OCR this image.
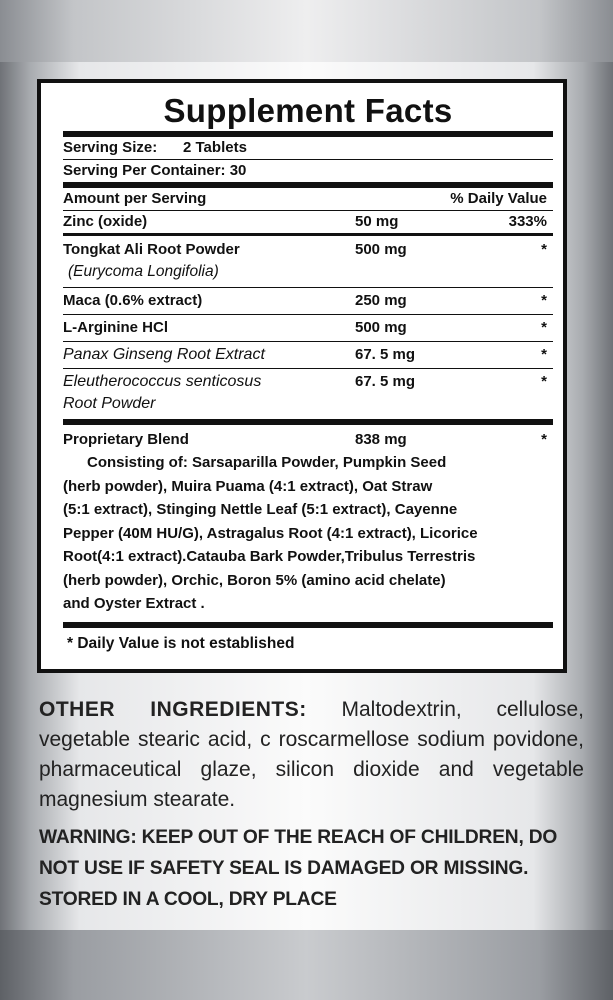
Supplement Facts
Serving Size: 2 Tablets
Serving Per Container: 30
Amount per Serving	% Daily Value
Zinc (oxide)	50 mg	333%
Tongkat Ali Root Powder	500 mg	*
(Eurycoma Longifolia)
Maca (0.6% extract)	250 mg	*
L-Arginine HCl	500 mg	*
Panax Ginseng Root Extract	67. 5 mg	*
Eleutherococcus senticosus	67. 5 mg	*
Root Powder
Proprietary Blend	838 mg	*
Consisting of: Sarsaparilla Powder, Pumpkin Seed
(herb powder), Muira Puama (4:1 extract), Oat Straw
(5:1 extract), Stinging Nettle Leaf (5:1 extract), Cayenne
Pepper (40M HU/G), Astragalus Root (4:1 extract), Licorice
Root(4:1 extract).Catauba Bark Powder,Tribulus Terrestris
(herb powder), Orchic, Boron 5% (amino acid chelate)
and Oyster Extract .
* Daily Value is not established
OTHER INGREDIENTS: Maltodextrin, cellulose, vegetable stearic acid, c roscarmellose sodium povidone, pharmaceutical glaze, silicon dioxide and vegetable magnesium stearate.
WARNING: KEEP OUT OF THE REACH OF CHILDREN, DO NOT USE IF SAFETY SEAL IS DAMAGED OR MISSING. STORED IN A COOL, DRY PLACE
